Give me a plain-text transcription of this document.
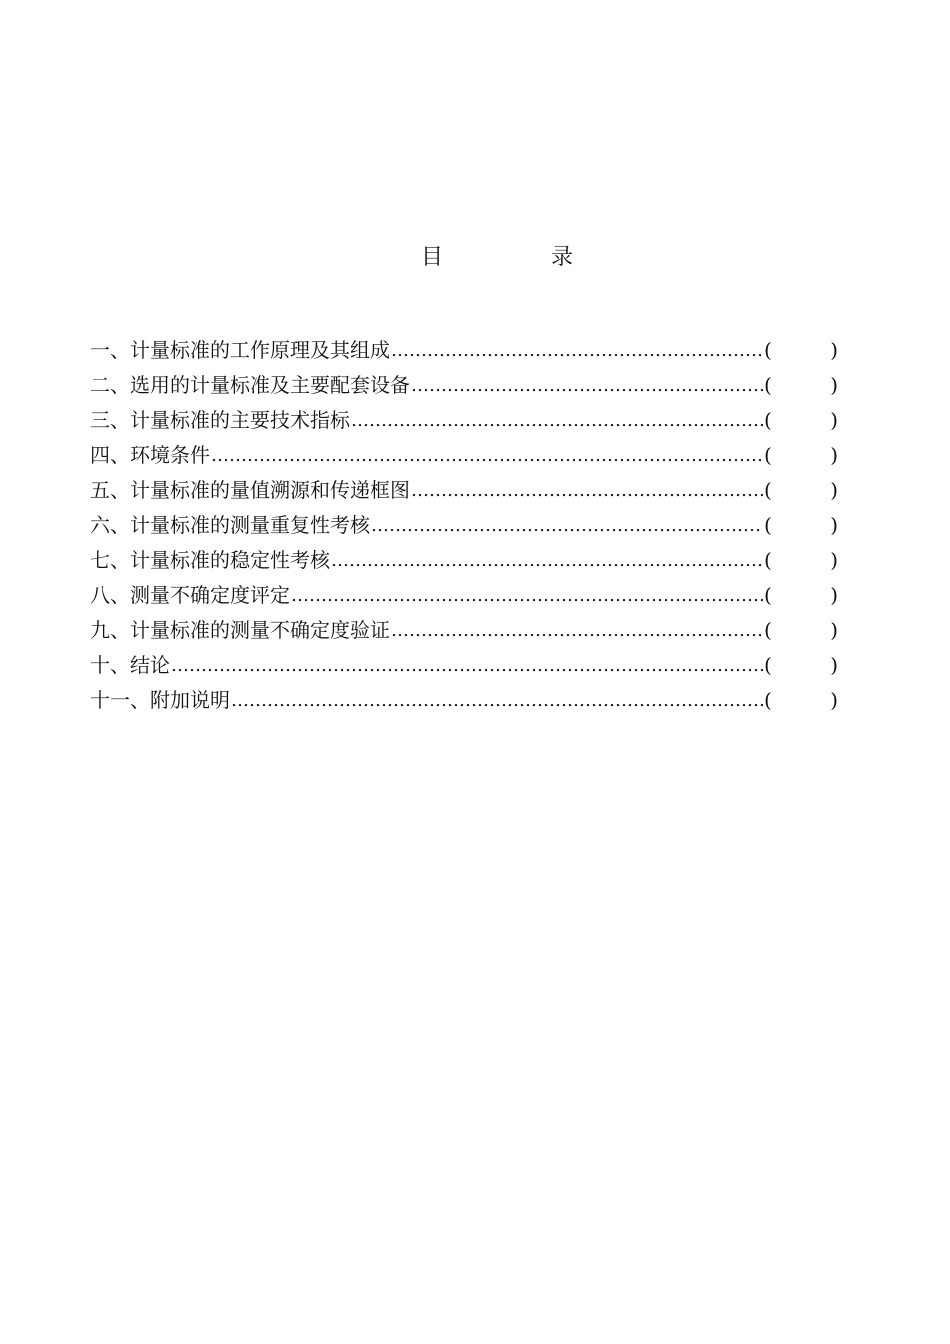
目	录
一、计量标准的工作原理及其组成 ……………………………………………………………………………………………………………………………………………………………………………………………………………………	(	)
二、选用的计量标准及主要配套设备 ……………………………………………………………………………………………………………………………………………………………………………………………………………………	(	)
三、计量标准的主要技术指标 ……………………………………………………………………………………………………………………………………………………………………………………………………………………	(	)
四、环境条件 ……………………………………………………………………………………………………………………………………………………………………………………………………………………	(	)
五、计量标准的量值溯源和传递框图 ……………………………………………………………………………………………………………………………………………………………………………………………………………………	(	)
六、计量标准的测量重复性考核 ……………………………………………………………………………………………………………………………………………………………………………………………………………………	(	)
七、计量标准的稳定性考核 ……………………………………………………………………………………………………………………………………………………………………………………………………………………	(	)
八、测量不确定度评定 ……………………………………………………………………………………………………………………………………………………………………………………………………………………	(	)
九、计量标准的测量不确定度验证 ……………………………………………………………………………………………………………………………………………………………………………………………………………………	(	)
十、结论 ……………………………………………………………………………………………………………………………………………………………………………………………………………………	(	)
十一、附加说明 ……………………………………………………………………………………………………………………………………………………………………………………………………………………	(	)
